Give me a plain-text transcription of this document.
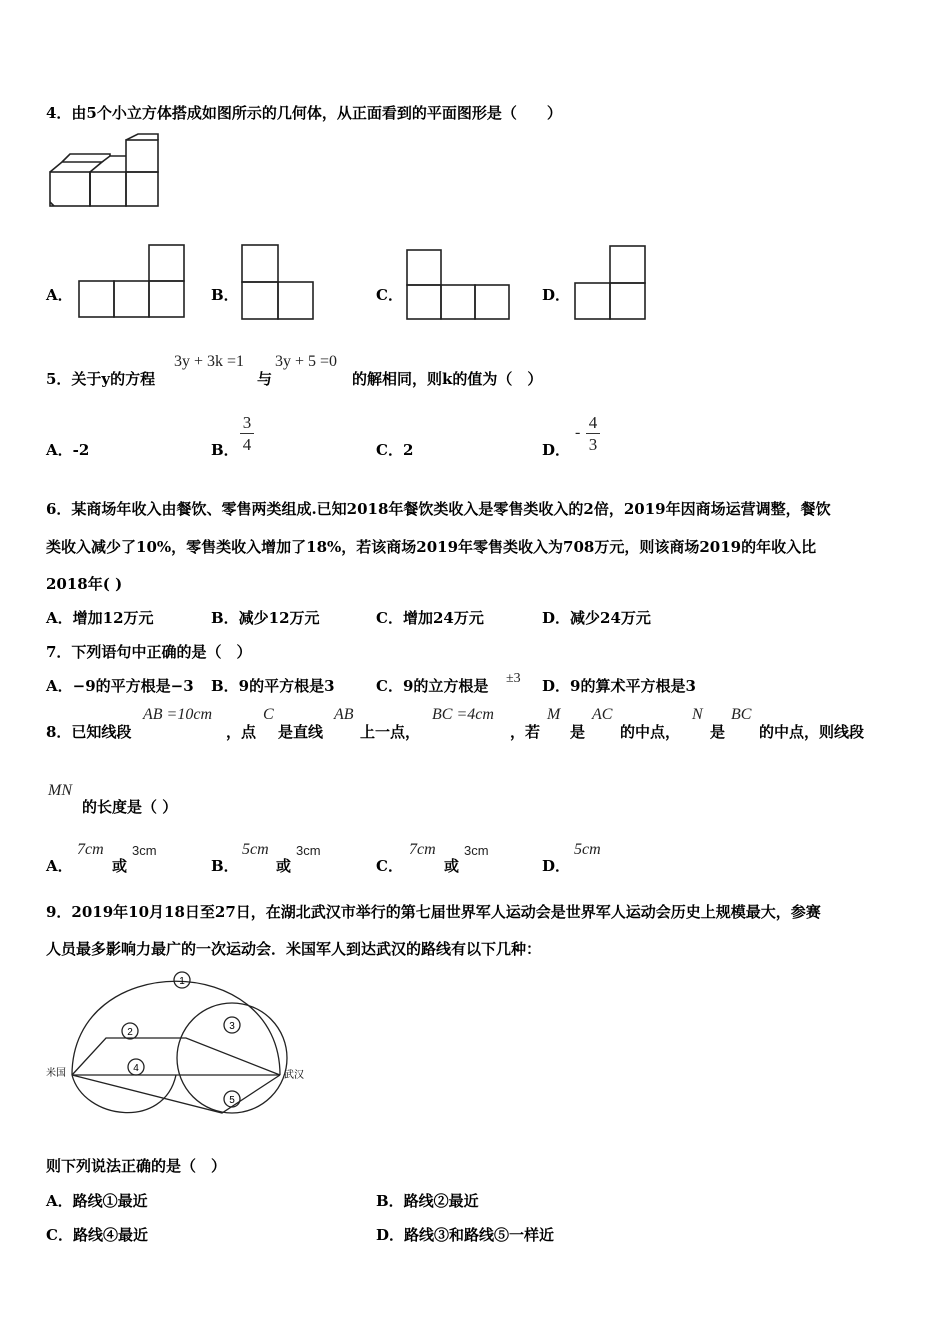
4．由5个小立方体搭成如图所示的几何体，从正面看到的平面图形是（　　）
A．	B．	C．	D．
5．关于y的方程
3y + 3k =1
与
3y + 5 =0
的解相同，则k的值为（　）
A．-2	B．
3
4	C．2	D．
-
4
3
6．某商场年收入由餐饮、零售两类组成.已知2018年餐饮类收入是零售类收入的2倍，2019年因商场运营调整，餐饮
类收入减少了10%，零售类收入增加了18%，若该商场2019年零售类收入为708万元，则该商场2019的年收入比
2018年( )
A．增加12万元	B．减少12万元	C．增加24万元	D．减少24万元
7．下列语句中正确的是（　）
A．−9的平方根是−3 B．9的平方根是3	C．9的立方根是 ±3 D．9的算术平方根是3
8．已知线段
AB =10cm
，点
C
是直线
AB
上一点，
BC =4cm
，若
M
是
AC
的中点，
N
是
BC
的中点，则线段
MN
的长度是（ ）
A．
7cm
或
3cm
B．
5cm
或
3cm
C．
7cm
或
3cm
D．
5cm
9．2019年10月18日至27日，在湖北武汉市举行的第七届世界军人运动会是世界军人运动会历史上规模最大，参赛
人员最多影响力最广的一次运动会．米国军人到达武汉的路线有以下几种：
1
2
3
4
5
米国	武汉
则下列说法正确的是（　）
A．路线①最近	B．路线②最近
C．路线④最近	D．路线③和路线⑤一样近
